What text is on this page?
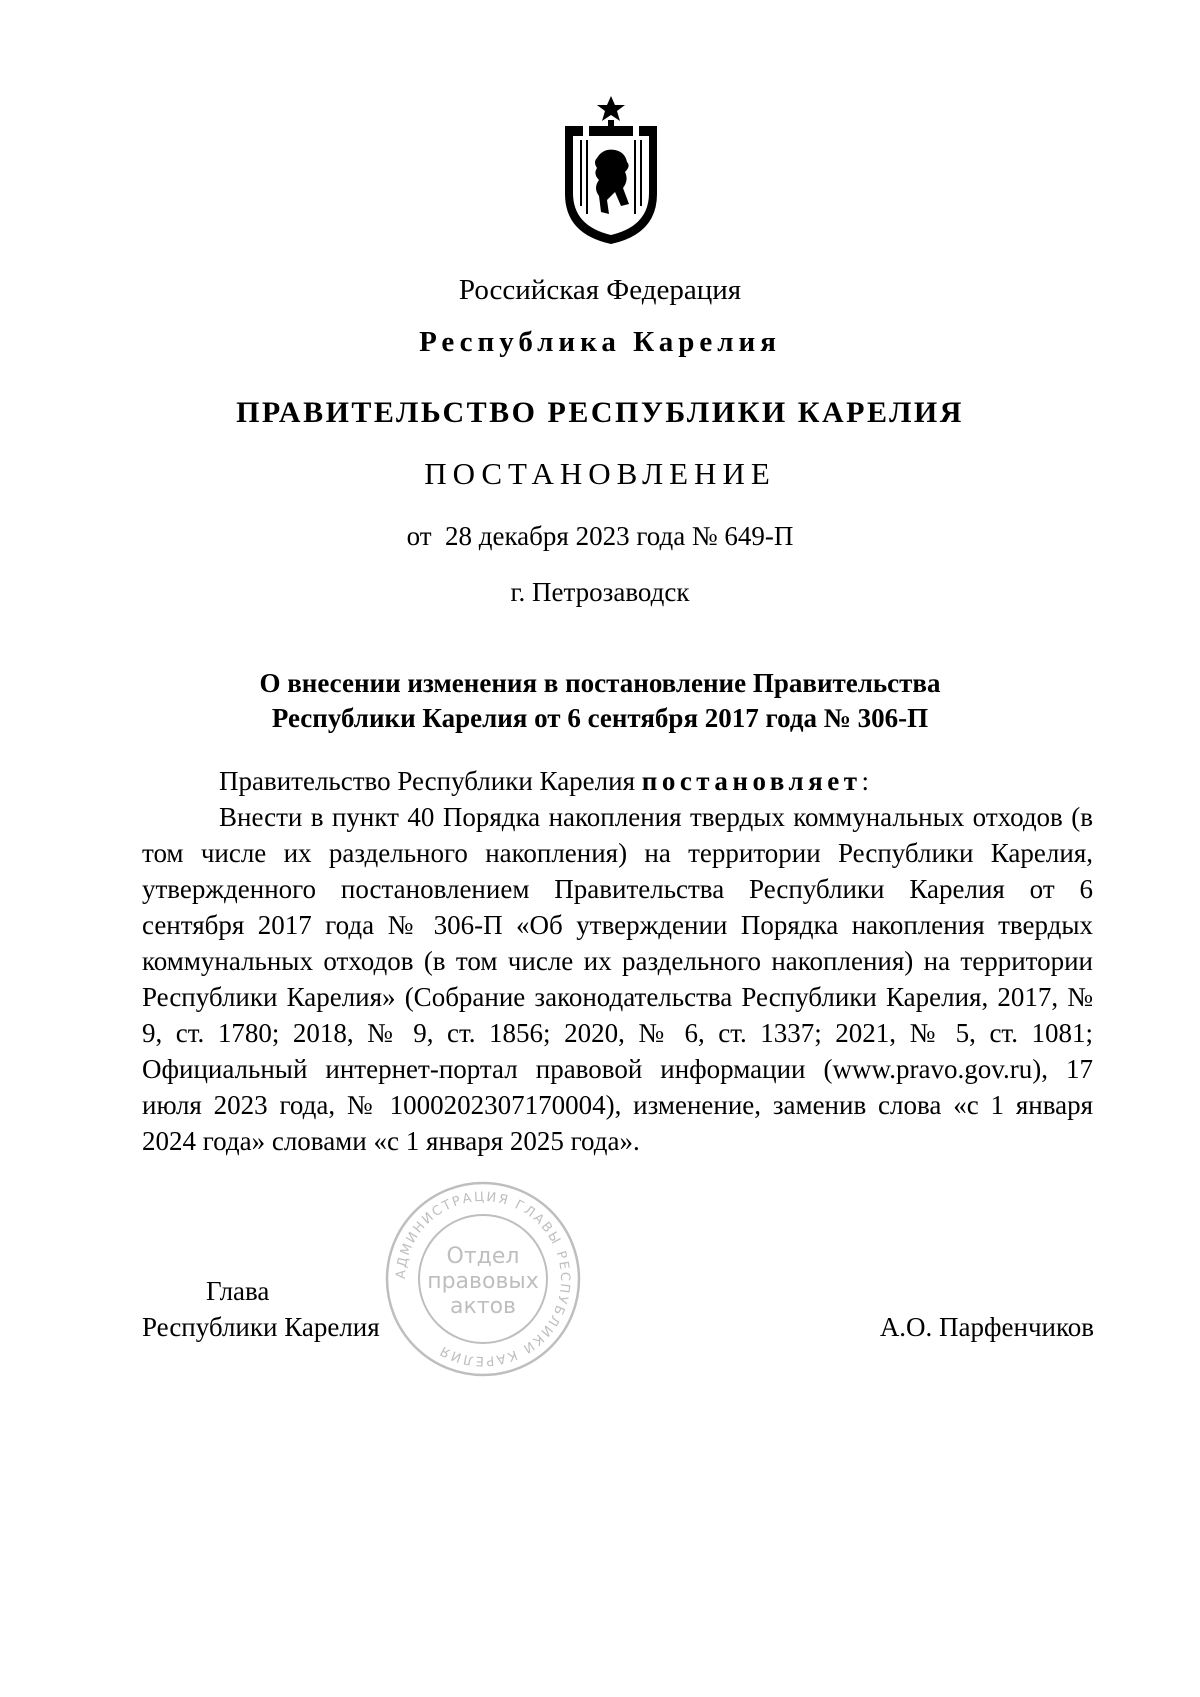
Российская Федерация
Республика Карелия
ПРАВИТЕЛЬСТВО РЕСПУБЛИКИ КАРЕЛИЯ
ПОСТАНОВЛЕНИЕ
от  28 декабря 2023 года № 649-П
г. Петрозаводск
О внесении изменения в постановление Правительства
Республики Карелия от 6 сентября 2017 года № 306-П

Правительство Республики Карелия постановляет:

Внести в пункт 40 Порядка накопления твердых коммунальных отходов (в том числе их раздельного накопления) на территории Республики Карелия, утвержденного постановлением Правительства Республики Карелия от 6 сентября 2017 года № 306-П «Об утверждении Порядка накопления твердых коммунальных отходов (в том числе их раздельного накопления) на территории Республики Карелия» (Собрание законодательства Республики Карелия, 2017, № 9, ст. 1780; 2018, № 9, ст. 1856; 2020, № 6, ст. 1337; 2021, № 5, ст. 1081; Официальный интернет-портал правовой информации (www.pravo.gov.ru), 17 июля 2023 года, № 1000202307170004), изменение, заменив слова «с 1 января 2024 года» словами «с 1 января 2025 года».

Глава
Республики Карелия
АДМИНИСТРАЦИЯ ГЛАВЫ РЕСПУБЛИКИ КАРЕЛИЯ
Отдел
правовых
актов
А.О. Парфенчиков
